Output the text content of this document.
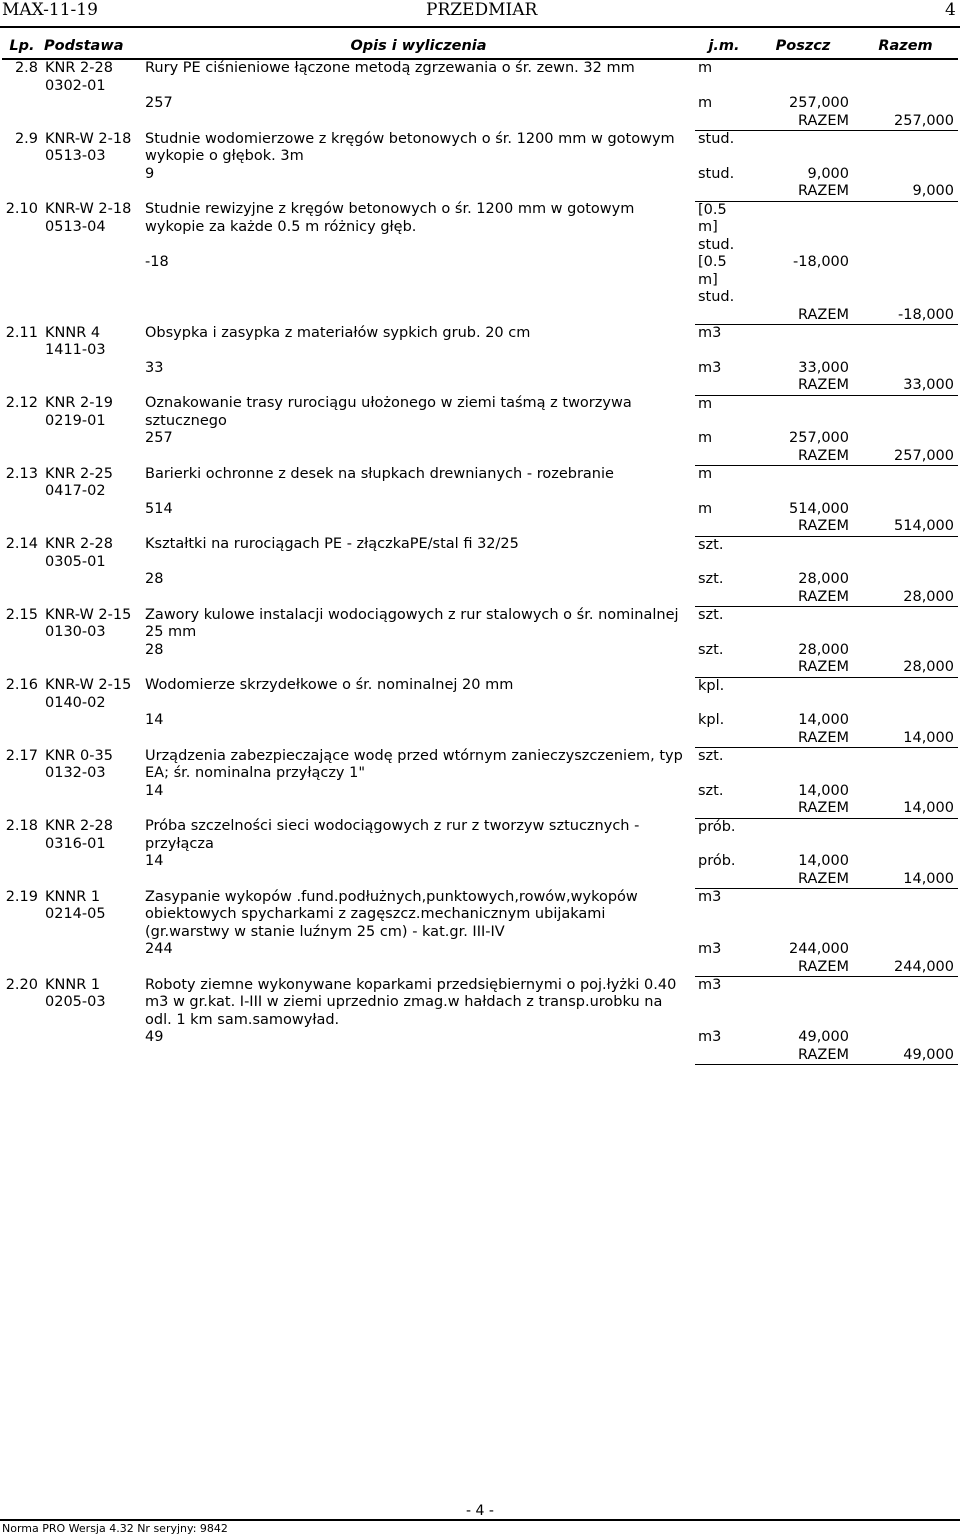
MAX-11-19	PRZEDMIAR	4
Lp.	Podstawa	Opis i wyliczenia	j.m.	Poszcz	Razem
2.8	KNR 2-28 0302-01	Rury PE ciśnieniowe łączone metodą zgrzewania o śr. zewn. 32 mm	m		
		257	m	257,000	
				RAZEM	257,000
2.9	KNR-W 2-18 0513-03	Studnie wodomierzowe z kręgów betonowych o śr. 1200 mm w gotowym wykopie o głębok. 3m	stud.		
		9	stud.	9,000	
				RAZEM	9,000
2.10	KNR-W 2-18 0513-04	Studnie rewizyjne z kręgów betonowych o śr. 1200 mm w gotowym wykopie za każde 0.5 m różnicy głęb.	[0.5 m] stud.		
		-18	[0.5 m] stud.	-18,000	
				RAZEM	-18,000
2.11	KNNR 4 1411-03	Obsypka i zasypka z materiałów sypkich grub. 20 cm	m3		
		33	m3	33,000	
				RAZEM	33,000
2.12	KNR 2-19 0219-01	Oznakowanie trasy rurociągu ułożonego w ziemi taśmą z tworzywa sztucznego	m		
		257	m	257,000	
				RAZEM	257,000
2.13	KNR 2-25 0417-02	Barierki ochronne z desek na słupkach drewnianych - rozebranie	m		
		514	m	514,000	
				RAZEM	514,000
2.14	KNR 2-28 0305-01	Kształtki na rurociągach PE - złączkaPE/stal fi 32/25	szt.		
		28	szt.	28,000	
				RAZEM	28,000
2.15	KNR-W 2-15 0130-03	Zawory kulowe instalacji wodociągowych z rur stalowych o śr. nominalnej 25 mm	szt.		
		28	szt.	28,000	
				RAZEM	28,000
2.16	KNR-W 2-15 0140-02	Wodomierze skrzydełkowe o śr. nominalnej 20 mm	kpl.		
		14	kpl.	14,000	
				RAZEM	14,000
2.17	KNR 0-35 0132-03	Urządzenia zabezpieczające wodę przed wtórnym zanieczyszczeniem, typ EA; śr. nominalna przyłączy 1"	szt.		
		14	szt.	14,000	
				RAZEM	14,000
2.18	KNR 2-28 0316-01	Próba szczelności sieci wodociągowych z rur z tworzyw sztucznych - przyłącza	prób.		
		14	prób.	14,000	
				RAZEM	14,000
2.19	KNNR 1 0214-05	Zasypanie wykopów .fund.podłużnych,punktowych,rowów,wykopów obiektowych spycharkami z zagęszcz.mechanicznym ubijakami (gr.warstwy w stanie luźnym 25 cm) - kat.gr. III-IV	m3		
		244	m3	244,000	
				RAZEM	244,000
2.20	KNNR 1 0205-03	Roboty ziemne wykonywane koparkami przedsiębiernymi o poj.łyżki 0.40 m3 w gr.kat. I-III w ziemi uprzednio zmag.w hałdach z transp.urobku na odl. 1 km sam.samowyład.	m3		
		49	m3	49,000	
				RAZEM	49,000
- 4 -
Norma PRO Wersja 4.32 Nr seryjny: 9842
